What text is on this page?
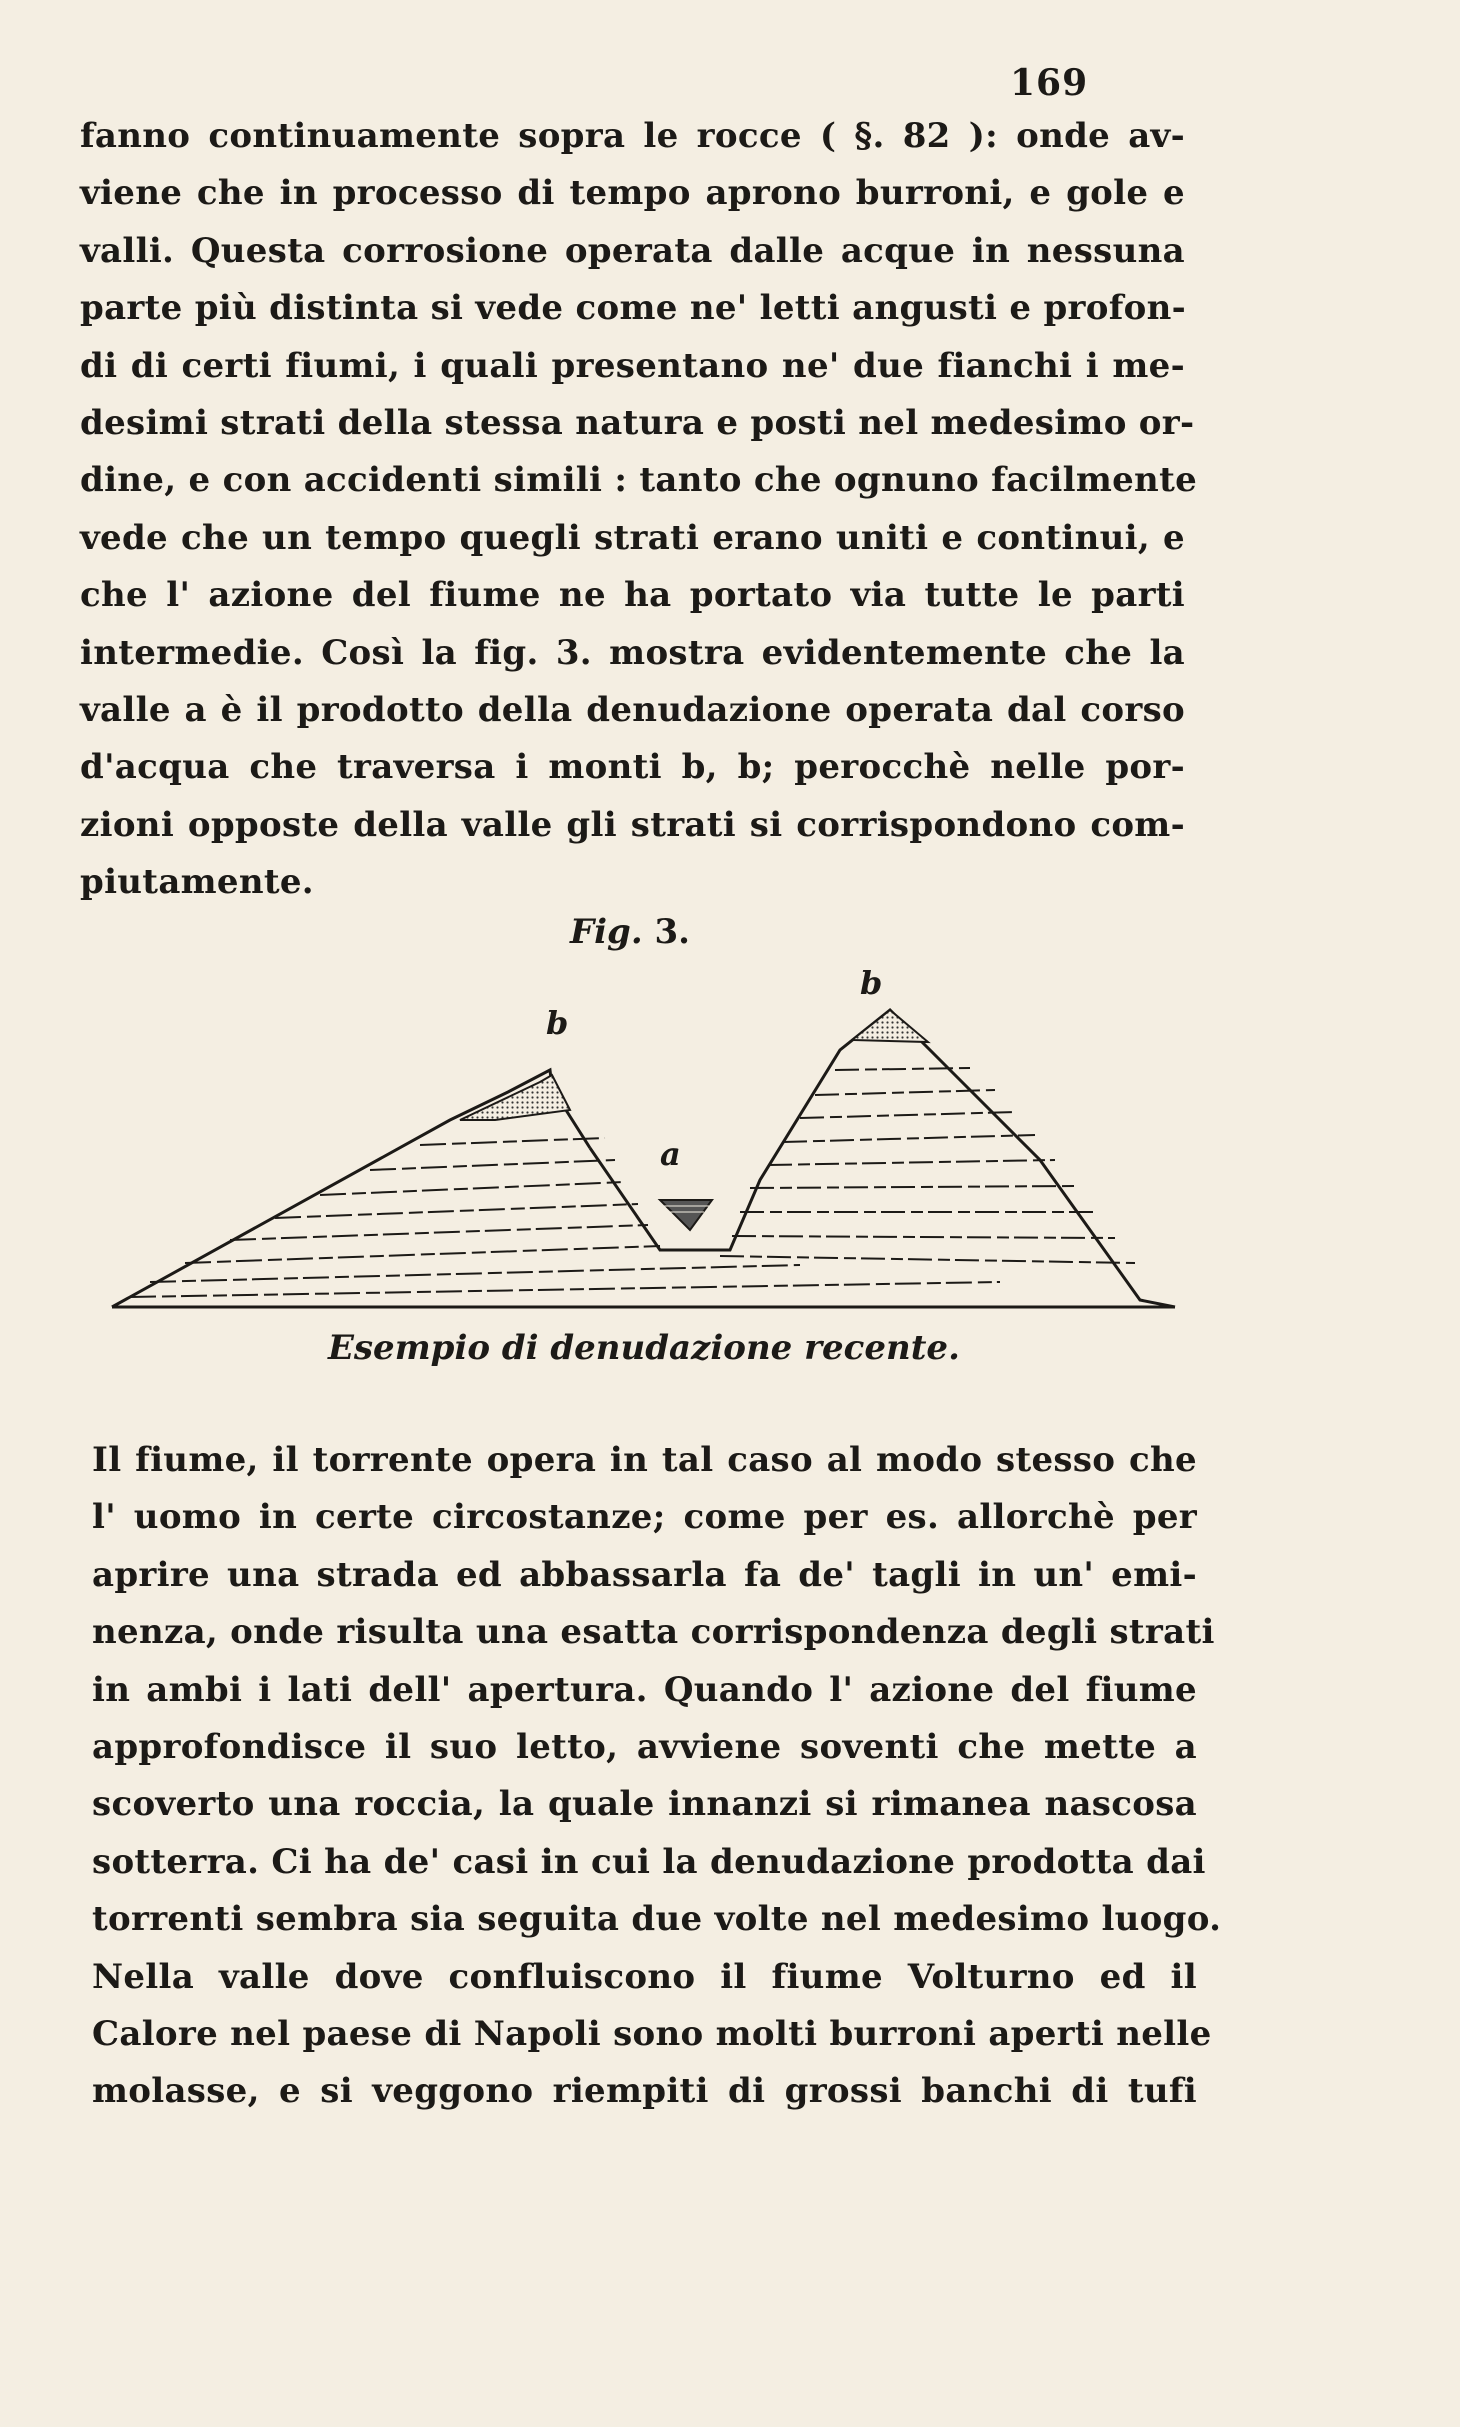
169
fanno continuamente sopra le rocce ( §. 82 ): onde av-
viene che in processo di tempo aprono burroni, e gole e
valli. Questa corrosione operata dalle acque in nessuna
parte più distinta si vede come ne' letti angusti e profon-
di di certi fiumi, i quali presentano ne' due fianchi i me-
desimi strati della stessa natura e posti nel medesimo or-
dine, e con accidenti simili : tanto che ognuno facilmente
vede che un tempo quegli strati erano uniti e continui, e
che l' azione del fiume ne ha portato via tutte le parti
intermedie. Così la fig. 3. mostra evidentemente che la
valle a è il prodotto della denudazione operata dal corso
d'acqua che traversa i monti b, b; perocchè nelle por-
zioni opposte della valle gli strati si corrispondono com-
piutamente.
Fig. 3.
b
b
a
Esempio di denudazione recente.
Il fiume, il torrente opera in tal caso al modo stesso che
l' uomo in certe circostanze; come per es. allorchè per
aprire una strada ed abbassarla fa de' tagli in un' emi-
nenza, onde risulta una esatta corrispondenza degli strati
in ambi i lati dell' apertura. Quando l' azione del fiume
approfondisce il suo letto, avviene soventi che mette a
scoverto una roccia, la quale innanzi si rimanea nascosa
sotterra. Ci ha de' casi in cui la denudazione prodotta dai
torrenti sembra sia seguita due volte nel medesimo luogo.
Nella valle dove confluiscono il fiume Volturno ed il
Calore nel paese di Napoli sono molti burroni aperti nelle
molasse, e si veggono riempiti di grossi banchi di tufi
